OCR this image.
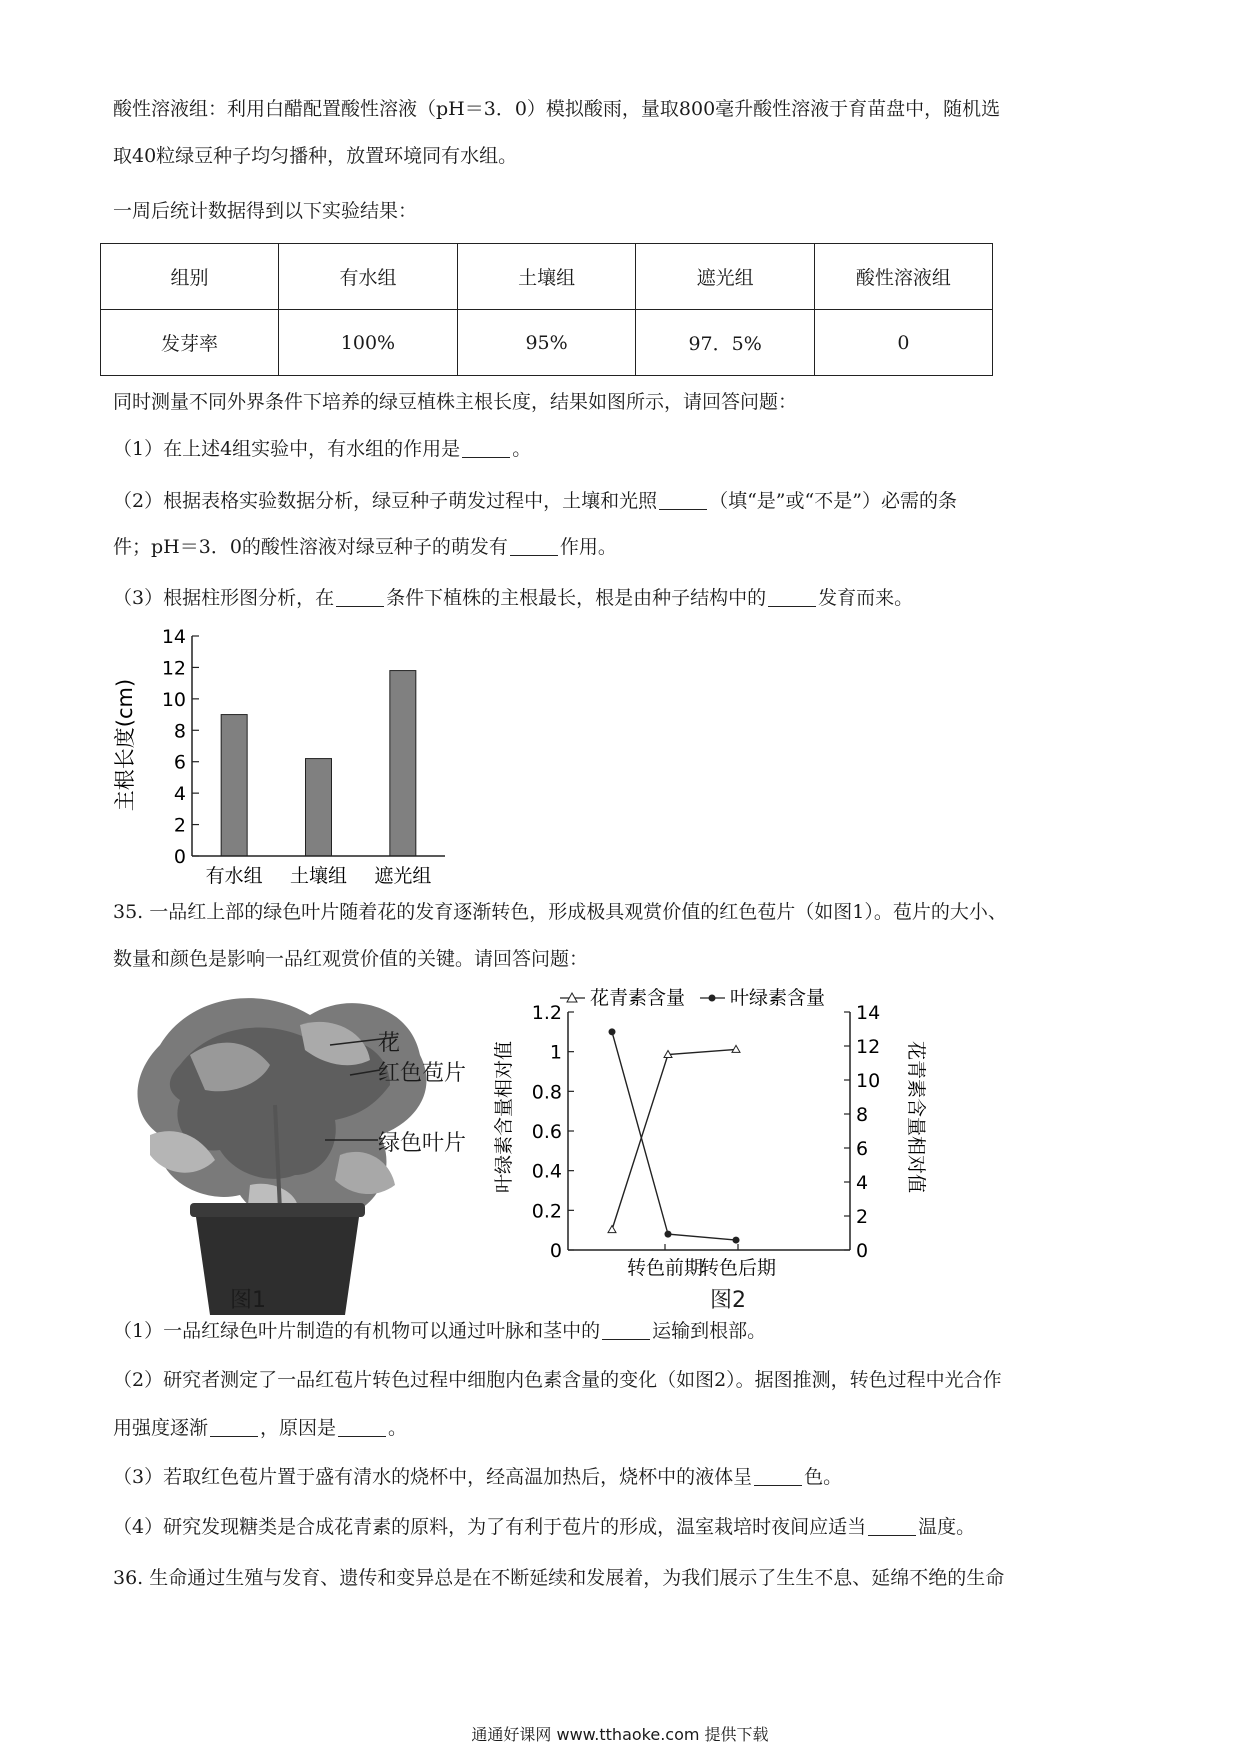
酸性溶液组：利用白醋配置酸性溶液（pH＝3．0）模拟酸雨，量取800毫升酸性溶液于育苗盘中，随机选
取40粒绿豆种子均匀播种，放置环境同有水组。
一周后统计数据得到以下实验结果：
组别	有水组	土壤组	遮光组	酸性溶液组
发芽率	100%	95%	97．5%	0
同时测量不同外界条件下培养的绿豆植株主根长度，结果如图所示，请回答问题：
（1）在上述4组实验中，有水组的作用是	。
（2）根据表格实验数据分析，绿豆种子萌发过程中，土壤和光照	（填“是”或“不是”）必需的条
件；pH＝3．0的酸性溶液对绿豆种子的萌发有	作用。
（3）根据柱形图分析，在	条件下植株的主根最长，根是由种子结构中的	发育而来。
主根长度(cm)
0
2
4
6
8
10
12
14
有水组 土壤组 遮光组
35. 一品红上部的绿色叶片随着花的发育逐渐转色，形成极具观赏价值的红色苞片（如图1）。苞片的大小、
数量和颜色是影响一品红观赏价值的关键。请回答问题：
花
红色苞片
绿色叶片
图1
花青素含量 叶绿素含量
叶绿素含量相对值	花青素含量相对值
0
0.2
0.4
0.6
0.8
1
1.2
0
2
4
6
8
10
12
14
转色前期
转色后期
图2
（1）一品红绿色叶片制造的有机物可以通过叶脉和茎中的	运输到根部。
（2）研究者测定了一品红苞片转色过程中细胞内色素含量的变化（如图2）。据图推测，转色过程中光合作
用强度逐渐	，原因是	。
（3）若取红色苞片置于盛有清水的烧杯中，经高温加热后，烧杯中的液体呈	色。
（4）研究发现糖类是合成花青素的原料，为了有利于苞片的形成，温室栽培时夜间应适当	温度。
36. 生命通过生殖与发育、遗传和变异总是在不断延续和发展着，为我们展示了生生不息、延绵不绝的生命
通通好课网 www.tthaoke.com 提供下载
